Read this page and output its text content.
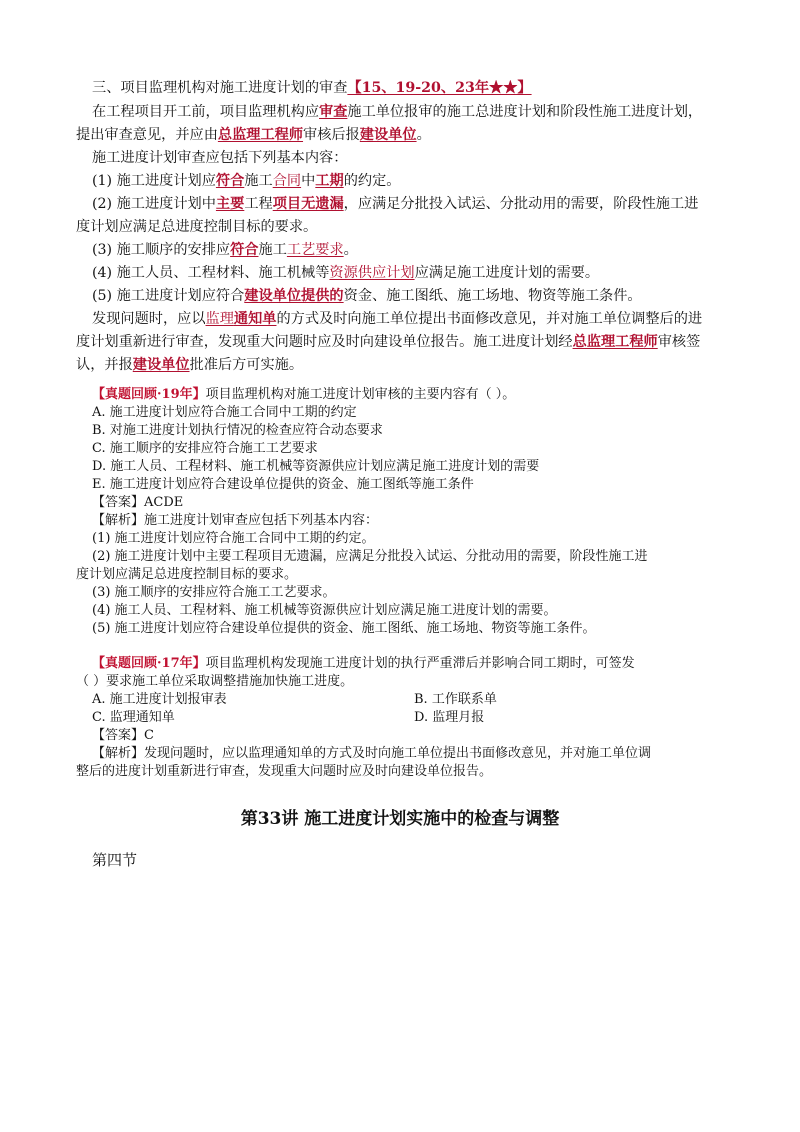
三、项目监理机构对施工进度计划的审查【15、19-20、23年★★】
在工程项目开工前，项目监理机构应审查施工单位报审的施工总进度计划和阶段性施工进度计划，
提出审查意见，并应由总监理工程师审核后报建设单位。
施工进度计划审查应包括下列基本内容：
(1) 施工进度计划应符合施工合同中工期的约定。
(2) 施工进度计划中主要工程项目无遗漏，应满足分批投入试运、分批动用的需要，阶段性施工进
度计划应满足总进度控制目标的要求。
(3) 施工顺序的安排应符合施工工艺要求。
(4) 施工人员、工程材料、施工机械等资源供应计划应满足施工进度计划的需要。
(5) 施工进度计划应符合建设单位提供的资金、施工图纸、施工场地、物资等施工条件。
发现问题时，应以监理通知单的方式及时向施工单位提出书面修改意见，并对施工单位调整后的进
度计划重新进行审查，发现重大问题时应及时向建设单位报告。施工进度计划经总监理工程师审核签
认，并报建设单位批准后方可实施。
【真题回顾·19年】项目监理机构对施工进度计划审核的主要内容有（ ）。
A. 施工进度计划应符合施工合同中工期的约定
B. 对施工进度计划执行情况的检查应符合动态要求
C. 施工顺序的安排应符合施工工艺要求
D. 施工人员、工程材料、施工机械等资源供应计划应满足施工进度计划的需要
E. 施工进度计划应符合建设单位提供的资金、施工图纸等施工条件
【答案】ACDE
【解析】施工进度计划审查应包括下列基本内容：
(1) 施工进度计划应符合施工合同中工期的约定。
(2) 施工进度计划中主要工程项目无遗漏，应满足分批投入试运、分批动用的需要，阶段性施工进
度计划应满足总进度控制目标的要求。
(3) 施工顺序的安排应符合施工工艺要求。
(4) 施工人员、工程材料、施工机械等资源供应计划应满足施工进度计划的需要。
(5) 施工进度计划应符合建设单位提供的资金、施工图纸、施工场地、物资等施工条件。
【真题回顾·17年】项目监理机构发现施工进度计划的执行严重滞后并影响合同工期时，可签发
（ ）要求施工单位采取调整措施加快施工进度。
A. 施工进度计划报审表	B. 工作联系单
C. 监理通知单	D. 监理月报
【答案】C
【解析】发现问题时，应以监理通知单的方式及时向施工单位提出书面修改意见，并对施工单位调
整后的进度计划重新进行审查，发现重大问题时应及时向建设单位报告。
第33讲 施工进度计划实施中的检查与调整
第四节
